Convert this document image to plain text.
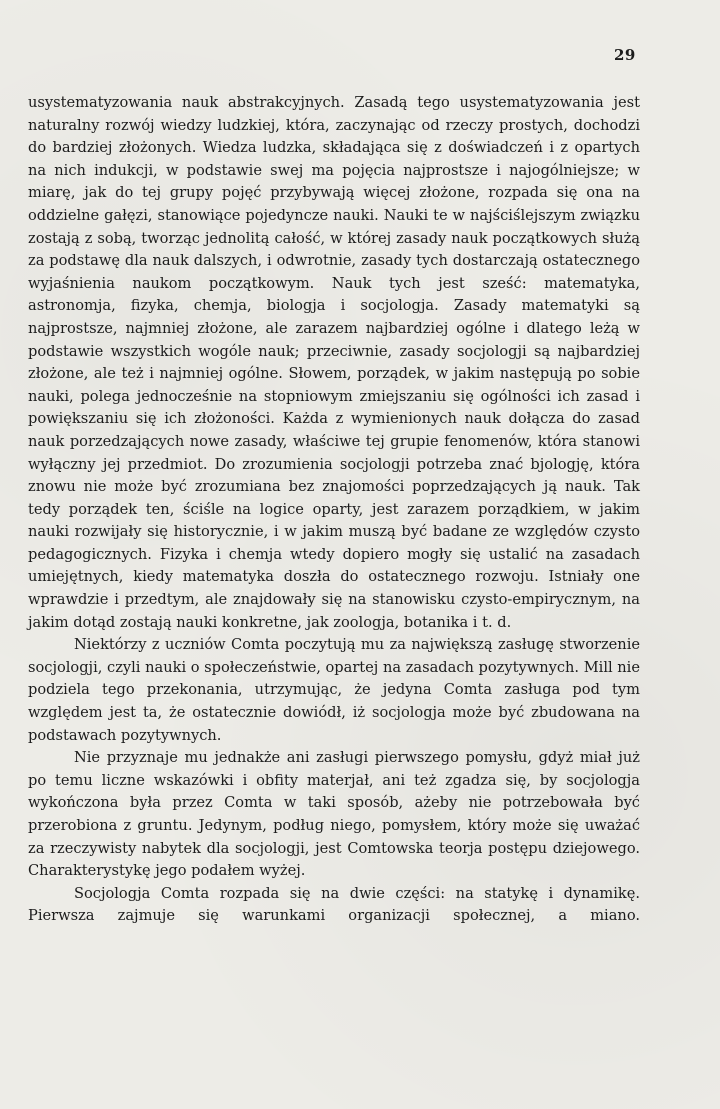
29

usystematyzowania nauk abstrakcyjnych. Zasadą tego usystematyzowania jest naturalny rozwój wiedzy ludzkiej, która, zaczynając od rzeczy prostych, dochodzi do bardziej złożonych. Wiedza ludzka, składająca się z doświadczeń i z opartych na nich indukcji, w podstawie swej ma pojęcia najprostsze i najogólniejsze; w miarę, jak do tej grupy pojęć przybywają więcej złożone, rozpada się ona na oddzielne gałęzi, stanowiące pojedyncze nauki. Nauki te w najściślejszym związku zostają z sobą, tworząc jednolitą całość, w której zasady nauk początkowych służą za podstawę dla nauk dalszych, i odwrotnie, zasady tych dostarczają ostatecznego wyjaśnienia naukom początkowym. Nauk tych jest sześć: matematyka, astronomja, fizyka, chemja, biologja i socjologja. Zasady matematyki są najprostsze, najmniej złożone, ale zarazem najbardziej ogólne i dlatego leżą w podstawie wszystkich wogóle nauk; przeciwnie, zasady socjologji są najbardziej złożone, ale też i najmniej ogólne. Słowem, porządek, w jakim następują po sobie nauki, polega jednocześnie na stopniowym zmiejszaniu się ogólności ich zasad i powiększaniu się ich złożoności. Każda z wymienionych nauk dołącza do zasad nauk porzedzających nowe zasady, właściwe tej grupie fenomenów, która stanowi wyłączny jej przedmiot. Do zrozumienia socjologji potrzeba znać bjologję, która znowu nie może być zrozumiana bez znajomości poprzedzających ją nauk. Tak tedy porządek ten, ściśle na logice oparty, jest zarazem porządkiem, w jakim nauki rozwijały się historycznie, i w jakim muszą być badane ze względów czysto pedagogicznych. Fizyka i chemja wtedy dopiero mogły się ustalić na zasadach umiejętnych, kiedy matematyka doszła do ostatecznego rozwoju. Istniały one wprawdzie i przedtym, ale znajdowały się na stanowisku czysto-empirycznym, na jakim dotąd zostają nauki konkretne, jak zoologja, botanika i t. d.

Niektórzy z uczniów Comta poczytują mu za największą zasługę stworzenie socjologji, czyli nauki o społeczeństwie, opartej na zasadach pozytywnych. Mill nie podziela tego przekonania, utrzymując, że jedyna Comta zasługa pod tym względem jest ta, że ostatecznie dowiódł, iż socjologja może być zbudowana na podstawach pozytywnych.

Nie przyznaje mu jednakże ani zasługi pierwszego pomysłu, gdyż miał już po temu liczne wskazówki i obfity materjał, ani też zgadza się, by socjologja wykończona była przez Comta w taki sposób, ażeby nie potrzebowała być przerobiona z gruntu. Jedynym, podług niego, pomysłem, który może się uważać za rzeczywisty nabytek dla socjologji, jest Comtowska teorja postępu dziejowego. Charakterystykę jego podałem wyżej.

Socjologja Comta rozpada się na dwie części: na statykę i dynamikę. Pierwsza zajmuje się warunkami organizacji społecznej, a miano.
